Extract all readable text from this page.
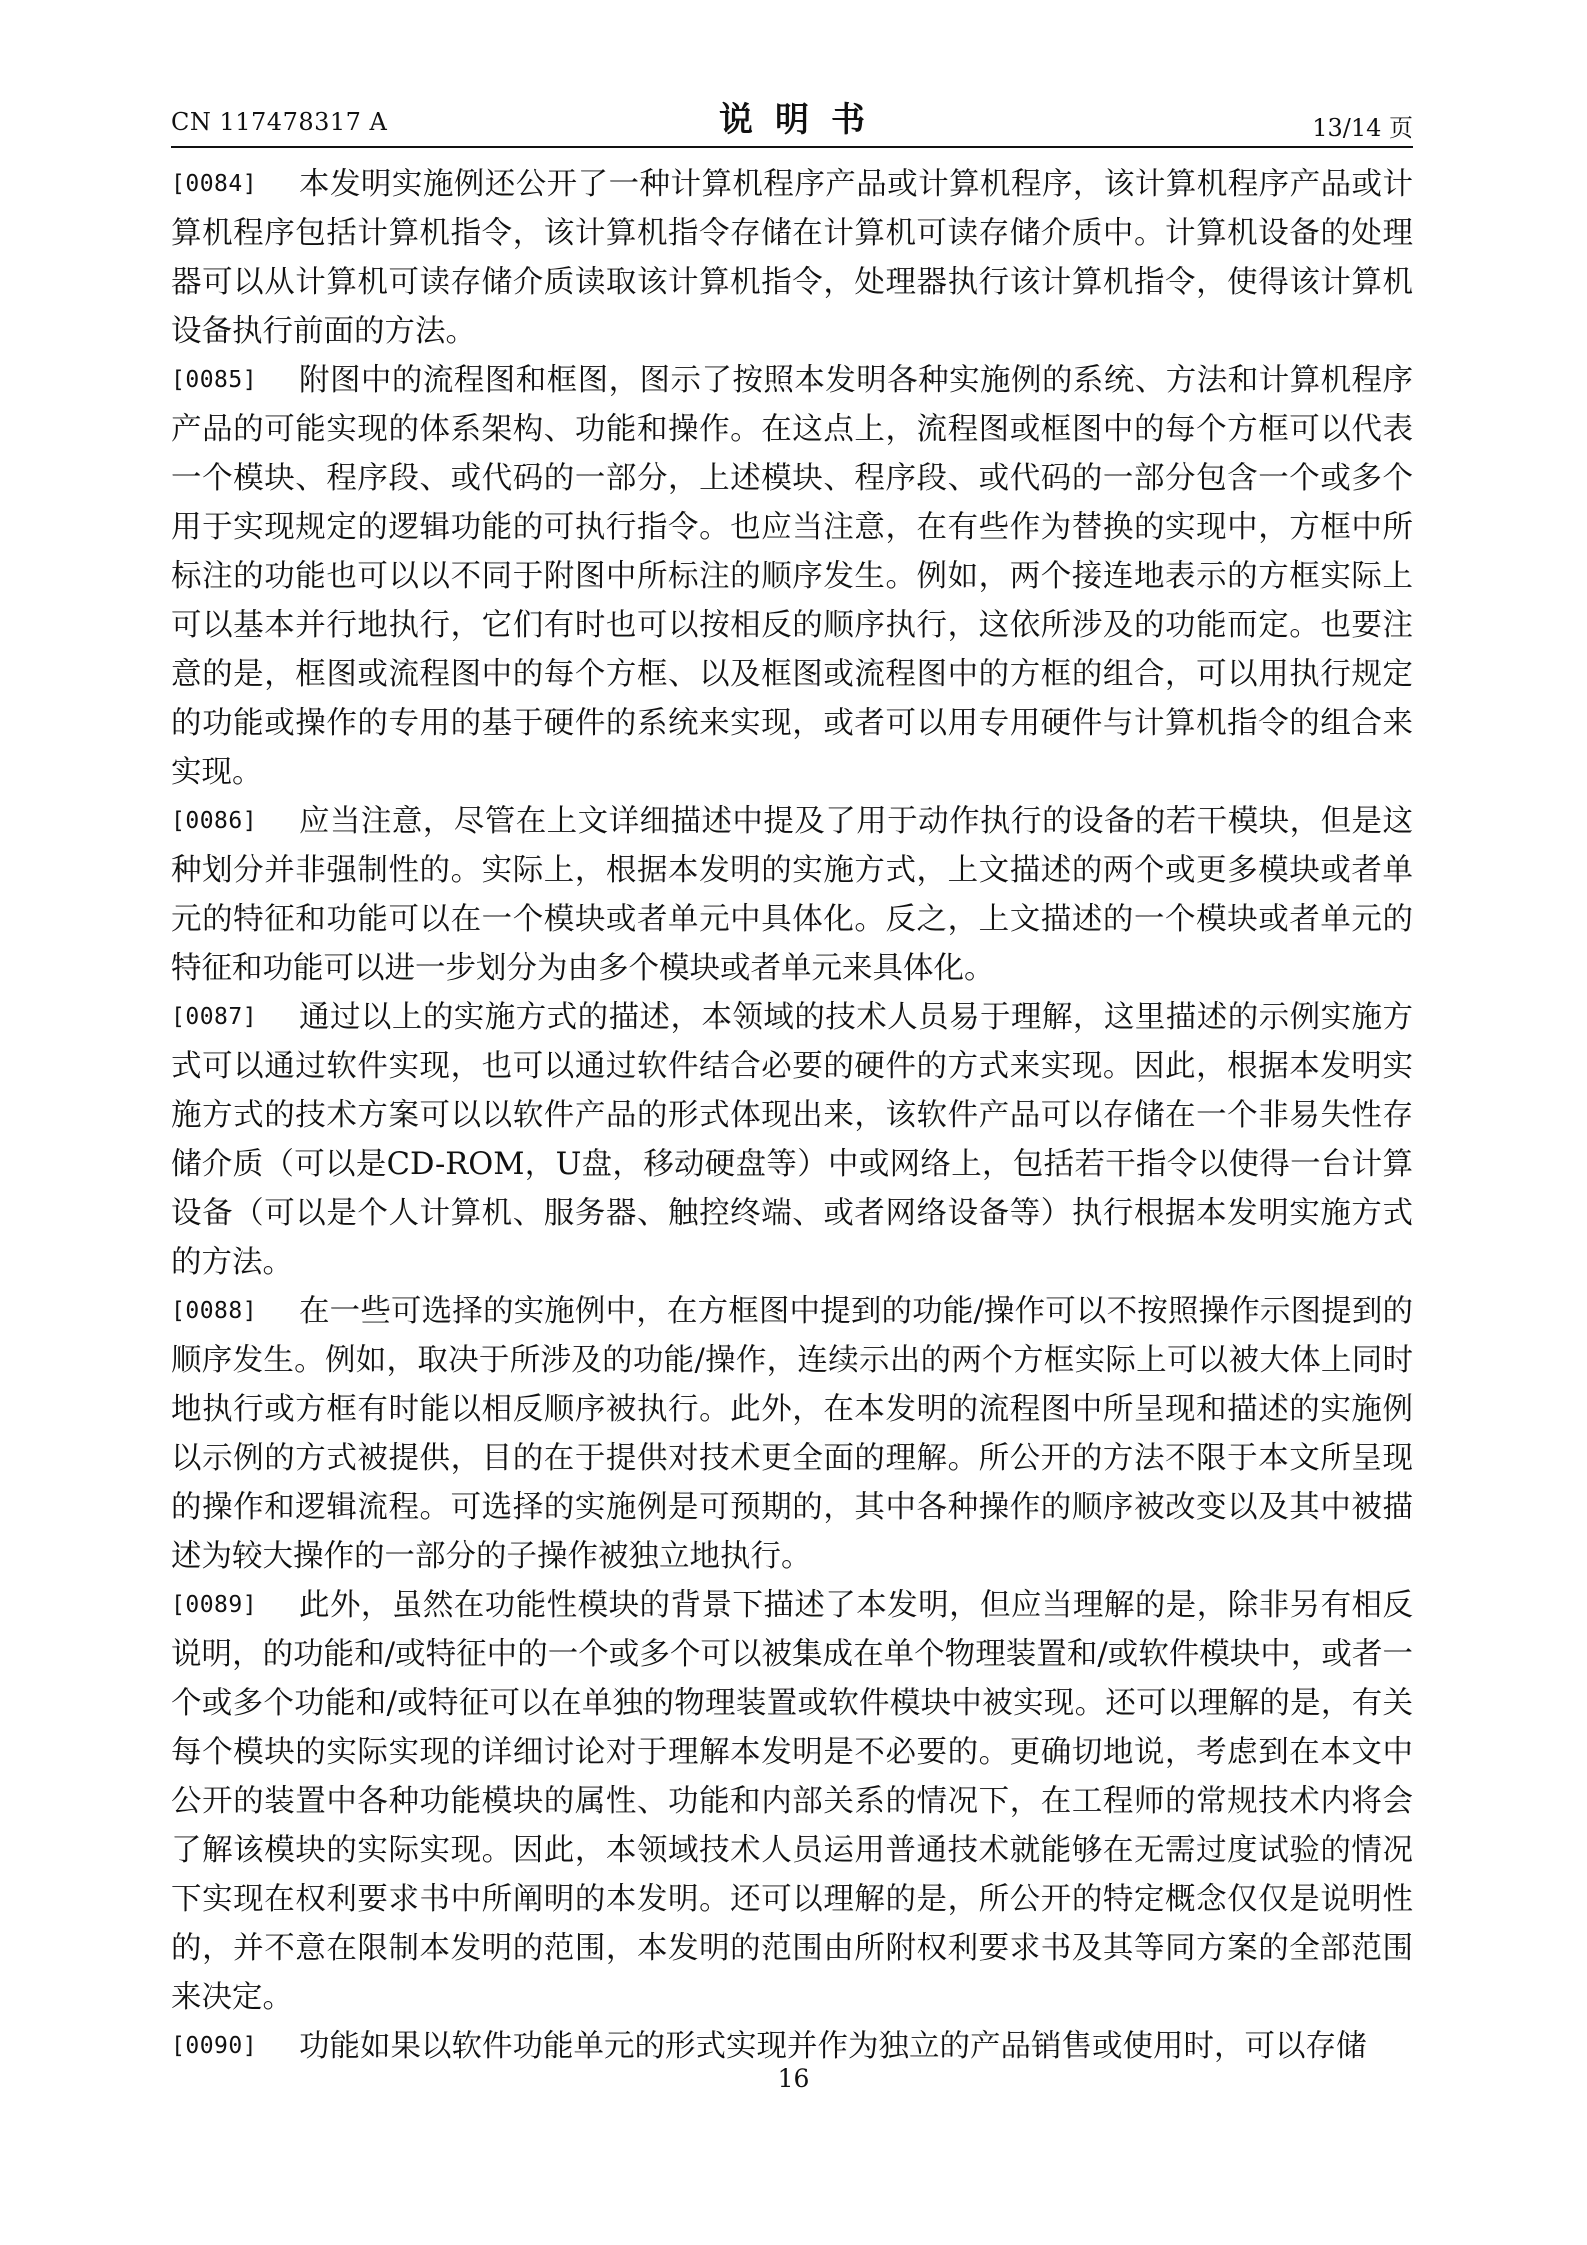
CN 117478317 A	说明书	13/14 页

[0084] 本发明实施例还公开了一种计算机程序产品或计算机程序，该计算机程序产品或计算机程序包括计算机指令，该计算机指令存储在计算机可读存储介质中。计算机设备的处理器可以从计算机可读存储介质读取该计算机指令，处理器执行该计算机指令，使得该计算机设备执行前面的方法。

[0085] 附图中的流程图和框图，图示了按照本发明各种实施例的系统、方法和计算机程序产品的可能实现的体系架构、功能和操作。在这点上，流程图或框图中的每个方框可以代表一个模块、程序段、或代码的一部分，上述模块、程序段、或代码的一部分包含一个或多个用于实现规定的逻辑功能的可执行指令。也应当注意，在有些作为替换的实现中，方框中所标注的功能也可以以不同于附图中所标注的顺序发生。例如，两个接连地表示的方框实际上可以基本并行地执行，它们有时也可以按相反的顺序执行，这依所涉及的功能而定。也要注意的是，框图或流程图中的每个方框、以及框图或流程图中的方框的组合，可以用执行规定的功能或操作的专用的基于硬件的系统来实现，或者可以用专用硬件与计算机指令的组合来实现。

[0086] 应当注意，尽管在上文详细描述中提及了用于动作执行的设备的若干模块，但是这种划分并非强制性的。实际上，根据本发明的实施方式，上文描述的两个或更多模块或者单元的特征和功能可以在一个模块或者单元中具体化。反之，上文描述的一个模块或者单元的特征和功能可以进一步划分为由多个模块或者单元来具体化。

[0087] 通过以上的实施方式的描述，本领域的技术人员易于理解，这里描述的示例实施方式可以通过软件实现，也可以通过软件结合必要的硬件的方式来实现。因此，根据本发明实施方式的技术方案可以以软件产品的形式体现出来，该软件产品可以存储在一个非易失性存储介质（可以是CD-ROM，U盘，移动硬盘等）中或网络上，包括若干指令以使得一台计算设备（可以是个人计算机、服务器、触控终端、或者网络设备等）执行根据本发明实施方式的方法。

[0088] 在一些可选择的实施例中，在方框图中提到的功能/操作可以不按照操作示图提到的顺序发生。例如，取决于所涉及的功能/操作，连续示出的两个方框实际上可以被大体上同时地执行或方框有时能以相反顺序被执行。此外，在本发明的流程图中所呈现和描述的实施例以示例的方式被提供，目的在于提供对技术更全面的理解。所公开的方法不限于本文所呈现的操作和逻辑流程。可选择的实施例是可预期的，其中各种操作的顺序被改变以及其中被描述为较大操作的一部分的子操作被独立地执行。

[0089] 此外，虽然在功能性模块的背景下描述了本发明，但应当理解的是，除非另有相反说明，的功能和/或特征中的一个或多个可以被集成在单个物理装置和/或软件模块中，或者一个或多个功能和/或特征可以在单独的物理装置或软件模块中被实现。还可以理解的是，有关每个模块的实际实现的详细讨论对于理解本发明是不必要的。更确切地说，考虑到在本文中公开的装置中各种功能模块的属性、功能和内部关系的情况下，在工程师的常规技术内将会了解该模块的实际实现。因此，本领域技术人员运用普通技术就能够在无需过度试验的情况下实现在权利要求书中所阐明的本发明。还可以理解的是，所公开的特定概念仅仅是说明性的，并不意在限制本发明的范围，本发明的范围由所附权利要求书及其等同方案的全部范围来决定。

[0090] 功能如果以软件功能单元的形式实现并作为独立的产品销售或使用时，可以存储

16
